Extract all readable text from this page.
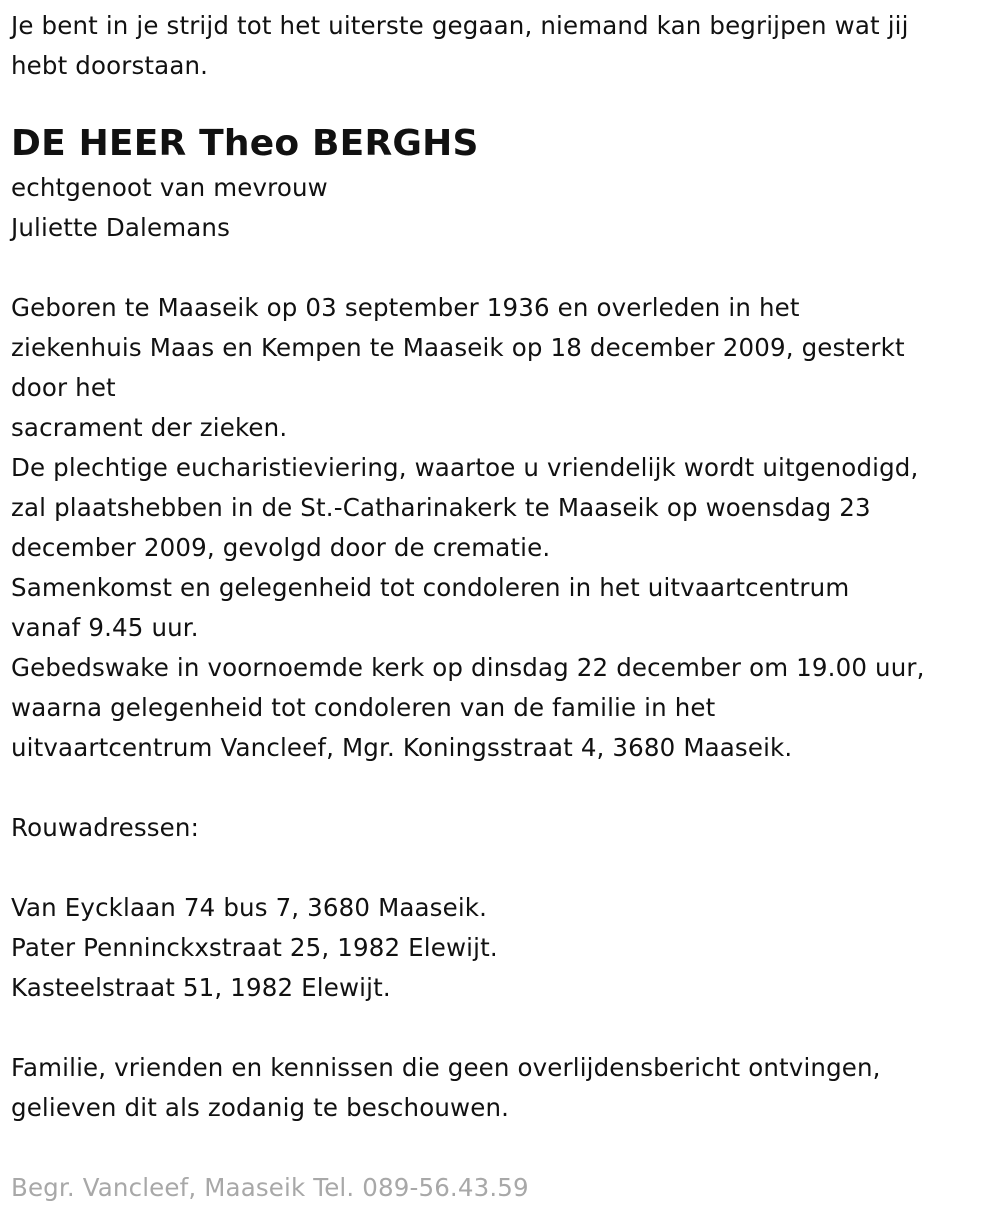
Je bent in je strijd tot het uiterste gegaan, niemand kan begrijpen wat jij
hebt doorstaan.
DE HEER Theo BERGHS
echtgenoot van mevrouw
Juliette Dalemans
Geboren te Maaseik op 03 september 1936 en overleden in het
ziekenhuis Maas en Kempen te Maaseik op 18 december 2009, gesterkt
door het
sacrament der zieken.
De plechtige eucharistieviering, waartoe u vriendelijk wordt uitgenodigd,
zal plaatshebben in de St.-Catharinakerk te Maaseik op woensdag 23
december 2009, gevolgd door de crematie.
Samenkomst en gelegenheid tot condoleren in het uitvaartcentrum
vanaf 9.45 uur.
Gebedswake in voornoemde kerk op dinsdag 22 december om 19.00 uur,
waarna gelegenheid tot condoleren van de familie in het
uitvaartcentrum Vancleef, Mgr. Koningsstraat 4, 3680 Maaseik.
Rouwadressen:
Van Eycklaan 74 bus 7, 3680 Maaseik.
Pater Penninckxstraat 25, 1982 Elewijt.
Kasteelstraat 51, 1982 Elewijt.
Familie, vrienden en kennissen die geen overlijdensbericht ontvingen,
gelieven dit als zodanig te beschouwen.
Begr. Vancleef, Maaseik Tel. 089-56.43.59
